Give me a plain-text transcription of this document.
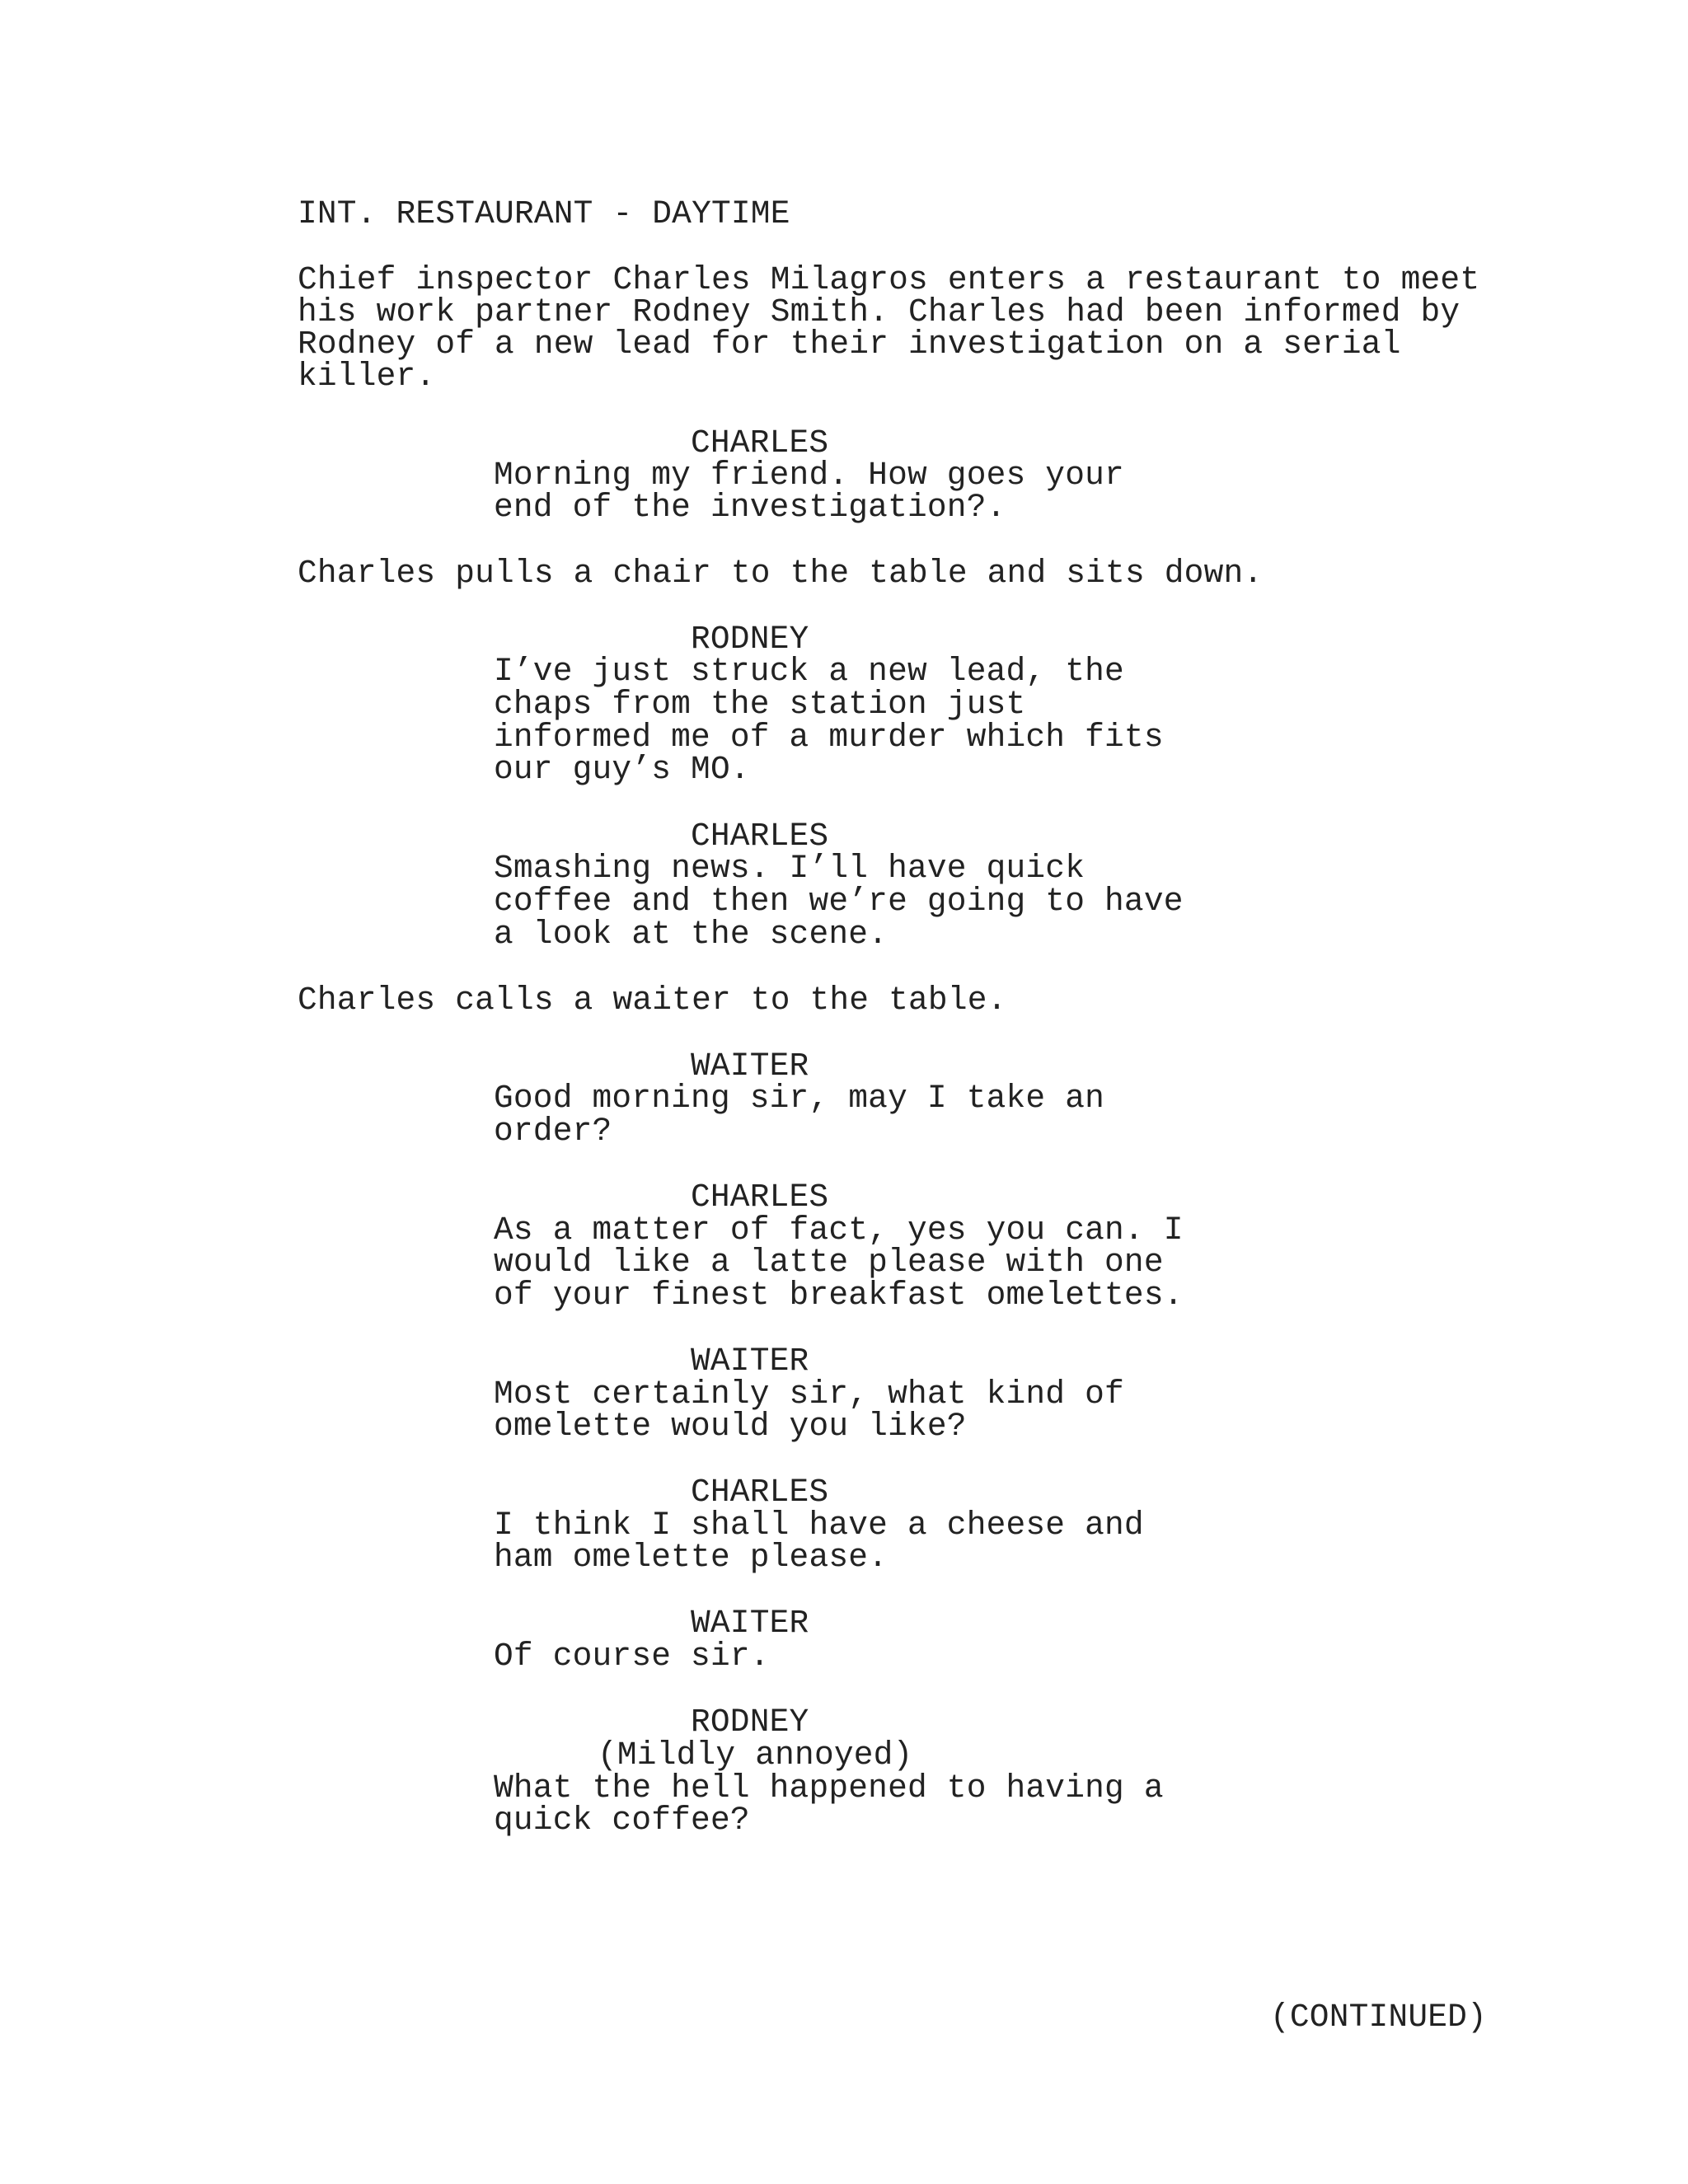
INT. RESTAURANT - DAYTIME

Chief inspector Charles Milagros enters a restaurant to meet

his work partner Rodney Smith. Charles had been informed by

Rodney of a new lead for their investigation on a serial

killer.

CHARLES

Morning my friend. How goes your

end of the investigation?.

Charles pulls a chair to the table and sits down.

RODNEY

I’ve just struck a new lead, the

chaps from the station just

informed me of a murder which fits

our guy’s MO.

CHARLES

Smashing news. I’ll have quick

coffee and then we’re going to have

a look at the scene.

Charles calls a waiter to the table.

WAITER

Good morning sir, may I take an

order?

CHARLES

As a matter of fact, yes you can. I

would like a latte please with one

of your finest breakfast omelettes.

WAITER

Most certainly sir, what kind of

omelette would you like?

CHARLES

I think I shall have a cheese and

ham omelette please.

WAITER

Of course sir.

RODNEY

(Mildly annoyed)

What the hell happened to having a

quick coffee?

(CONTINUED)
